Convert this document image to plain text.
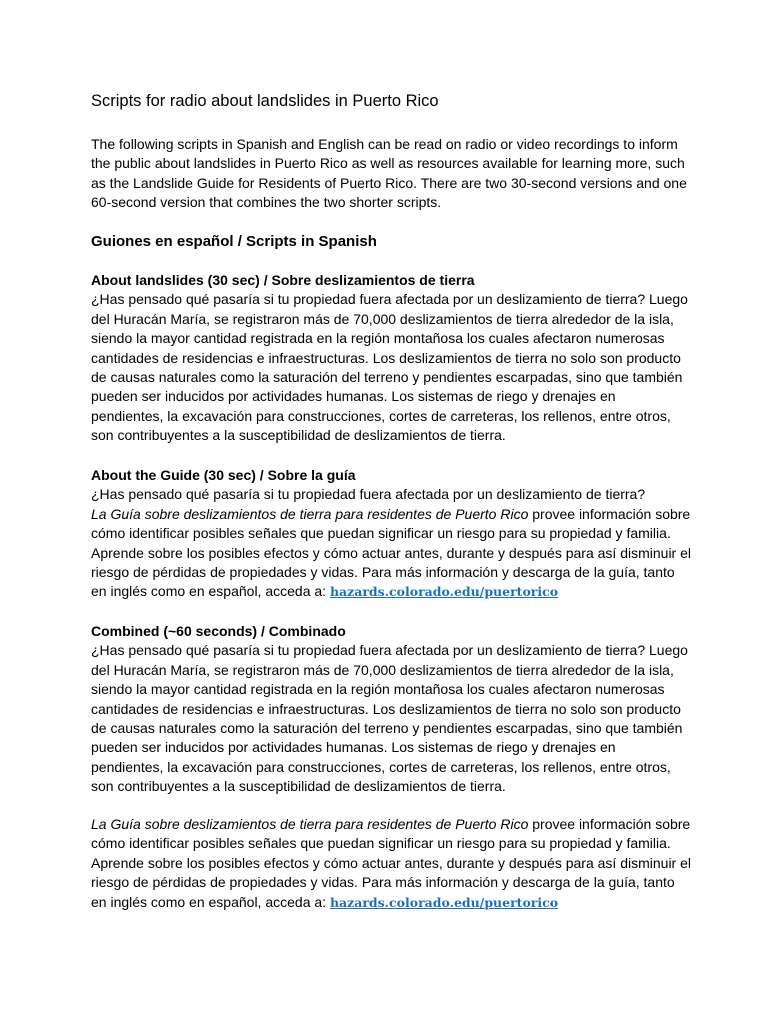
Scripts for radio about landslides in Puerto Rico

The following scripts in Spanish and English can be read on radio or video recordings to inform the public about landslides in Puerto Rico as well as resources available for learning more, such as the Landslide Guide for Residents of Puerto Rico. There are two 30-second versions and one 60-second version that combines the two shorter scripts.

Guiones en español / Scripts in Spanish
About landslides (30 sec) / Sobre deslizamientos de tierra

¿Has pensado qué pasaría si tu propiedad fuera afectada por un deslizamiento de tierra? Luego del Huracán María, se registraron más de 70,000 deslizamientos de tierra alrededor de la isla, siendo la mayor cantidad registrada en la región montañosa los cuales afectaron numerosas cantidades de residencias e infraestructuras. Los deslizamientos de tierra no solo son producto de causas naturales como la saturación del terreno y pendientes escarpadas, sino que también pueden ser inducidos por actividades humanas. Los sistemas de riego y drenajes en pendientes, la excavación para construcciones, cortes de carreteras, los rellenos, entre otros, son contribuyentes a la susceptibilidad de deslizamientos de tierra.

About the Guide (30 sec) / Sobre la guía

¿Has pensado qué pasaría si tu propiedad fuera afectada por un deslizamiento de tierra?
La Guía sobre deslizamientos de tierra para residentes de Puerto Rico provee información sobre cómo identificar posibles señales que puedan significar un riesgo para su propiedad y familia. Aprende sobre los posibles efectos y cómo actuar antes, durante y después para así disminuir el riesgo de pérdidas de propiedades y vidas. Para más información y descarga de la guía, tanto en inglés como en español, acceda a: hazards.colorado.edu/puertorico

Combined (~60 seconds) / Combinado

¿Has pensado qué pasaría si tu propiedad fuera afectada por un deslizamiento de tierra? Luego del Huracán María, se registraron más de 70,000 deslizamientos de tierra alrededor de la isla, siendo la mayor cantidad registrada en la región montañosa los cuales afectaron numerosas cantidades de residencias e infraestructuras. Los deslizamientos de tierra no solo son producto de causas naturales como la saturación del terreno y pendientes escarpadas, sino que también pueden ser inducidos por actividades humanas. Los sistemas de riego y drenajes en pendientes, la excavación para construcciones, cortes de carreteras, los rellenos, entre otros, son contribuyentes a la susceptibilidad de deslizamientos de tierra.

La Guía sobre deslizamientos de tierra para residentes de Puerto Rico provee información sobre cómo identificar posibles señales que puedan significar un riesgo para su propiedad y familia. Aprende sobre los posibles efectos y cómo actuar antes, durante y después para así disminuir el riesgo de pérdidas de propiedades y vidas. Para más información y descarga de la guía, tanto en inglés como en español, acceda a: hazards.colorado.edu/puertorico
